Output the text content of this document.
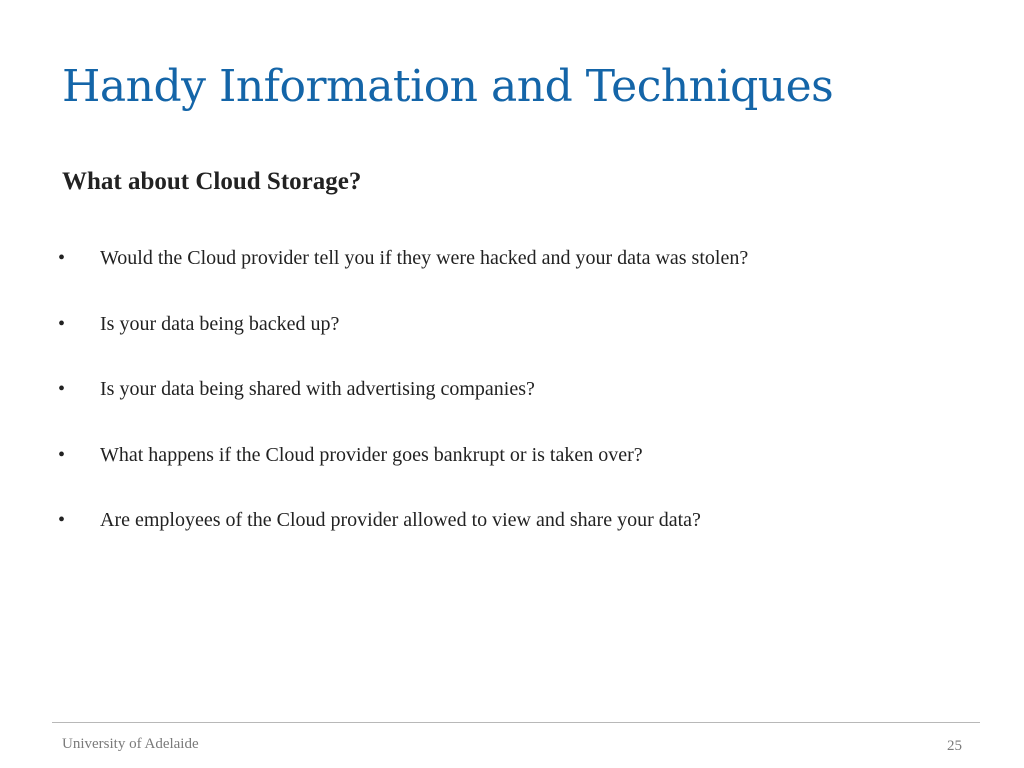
Handy Information and Techniques
What about Cloud Storage?
• Would the Cloud provider tell you if they were hacked and your data was stolen?
• Is your data being backed up?
• Is your data being shared with advertising companies?
• What happens if the Cloud provider goes bankrupt or is taken over?
• Are employees of the Cloud provider allowed to view and share your data?
University of Adelaide	25
